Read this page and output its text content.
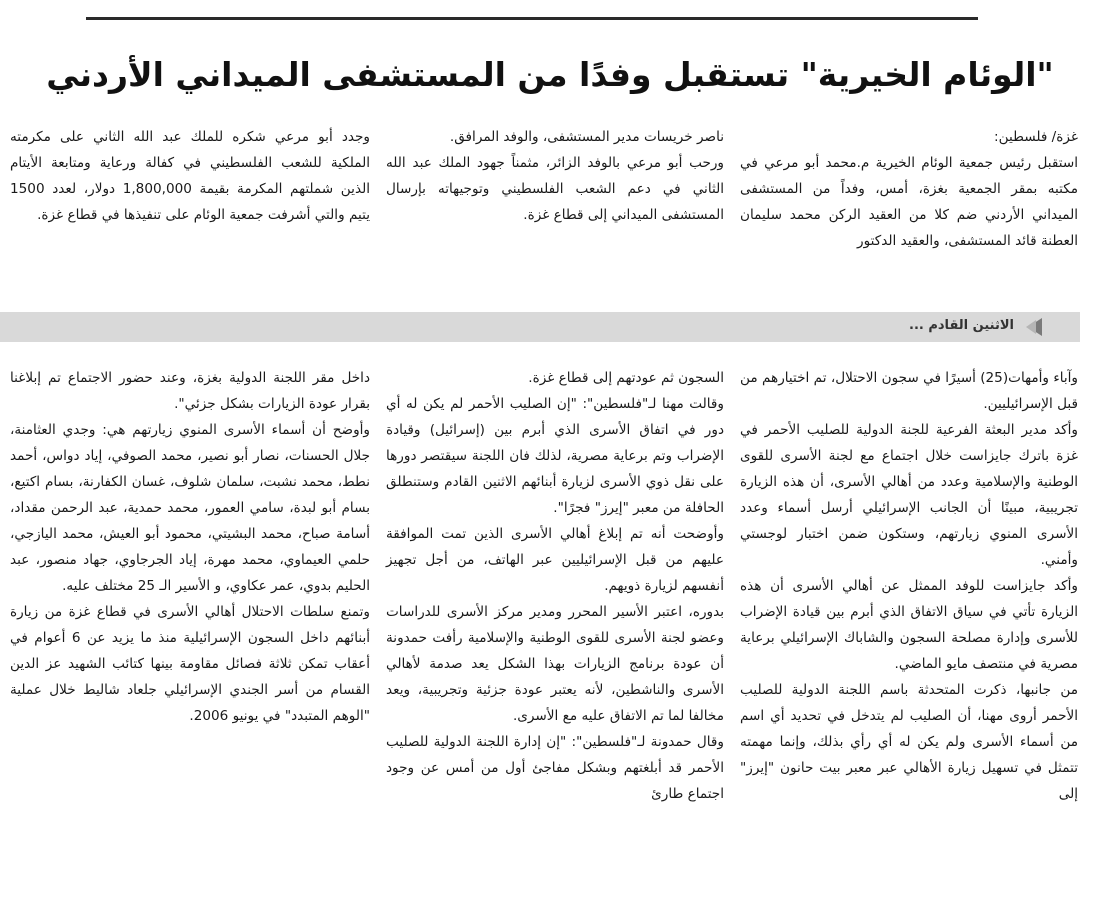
"الوئام الخيرية" تستقبل وفدًا من المستشفى الميداني الأردني

غزة/ فلسطين:

استقبل رئيس جمعية الوئام الخيرية م.محمد أبو مرعي في مكتبه بمقر الجمعية بغزة، أمس، وفداً من المستشفى الميداني الأردني ضم كلا من العقيد الركن محمد سليمان العطنة قائد المستشفى، والعقيد الدكتور

ناصر خريسات مدير المستشفى، والوفد المرافق.

ورحب أبو مرعي بالوفد الزائر، مثمناً جهود الملك عبد الله الثاني في دعم الشعب الفلسطيني وتوجيهاته بإرسال المستشفى الميداني إلى قطاع غزة.

وجدد أبو مرعي شكره للملك عبد الله الثاني على مكرمته الملكية للشعب الفلسطيني في كفالة ورعاية ومتابعة الأيتام الذين شملتهم المكرمة بقيمة 1,800,000 دولار، لعدد 1500 يتيم والتي أشرفت جمعية الوئام على تنفيذها في قطاع غزة.

الاثنين القادم ...

وآباء وأمهات(25) أسيرًا في سجون الاحتلال، تم اختيارهم من قبل الإسرائيليين.

وأكد مدير البعثة الفرعية للجنة الدولية للصليب الأحمر في غزة باترك جايزاست خلال اجتماع مع لجنة الأسرى للقوى الوطنية والإسلامية وعدد من أهالي الأسرى، أن هذه الزيارة تجريبية، مبينًا أن الجانب الإسرائيلي أرسل أسماء وعدد الأسرى المنوي زيارتهم، وستكون ضمن اختبار لوجستي وأمني.

وأكد جايزاست للوفد الممثل عن أهالي الأسرى أن هذه الزيارة تأتي في سياق الاتفاق الذي أبرم بين قيادة الإضراب للأسرى وإدارة مصلحة السجون والشاباك الإسرائيلي برعاية مصرية في منتصف مايو الماضي.

من جانبها، ذكرت المتحدثة باسم اللجنة الدولية للصليب الأحمر أروى مهنا، أن الصليب لم يتدخل في تحديد أي اسم من أسماء الأسرى ولم يكن له أي رأي بذلك، وإنما مهمته تتمثل في تسهيل زيارة الأهالي عبر معبر بيت حانون "إيرز" إلى

السجون ثم عودتهم إلى قطاع غزة.

وقالت مهنا لـ"فلسطين": "إن الصليب الأحمر لم يكن له أي دور في اتفاق الأسرى الذي أبرم بين (إسرائيل) وقيادة الإضراب وتم برعاية مصرية، لذلك فان اللجنة سيقتصر دورها على نقل ذوي الأسرى لزيارة أبنائهم الاثنين القادم وستنطلق الحافلة من معبر "إيرز" فجرًا".

وأوضحت أنه تم إبلاغ أهالي الأسرى الذين تمت الموافقة عليهم من قبل الإسرائيليين عبر الهاتف، من أجل تجهيز أنفسهم لزيارة ذويهم.

بدوره، اعتبر الأسير المحرر ومدير مركز الأسرى للدراسات وعضو لجنة الأسرى للقوى الوطنية والإسلامية رأفت حمدونة أن عودة برنامج الزيارات بهذا الشكل يعد صدمة لأهالي الأسرى والناشطين، لأنه يعتبر عودة جزئية وتجريبية، ويعد مخالفا لما تم الاتفاق عليه مع الأسرى.

وقال حمدونة لـ"فلسطين": "إن إدارة اللجنة الدولية للصليب الأحمر قد أبلغتهم وبشكل مفاجئ أول من أمس عن وجود اجتماع طارئ

داخل مقر اللجنة الدولية بغزة، وعند حضور الاجتماع تم إبلاغنا بقرار عودة الزيارات بشكل جزئي".

وأوضح أن أسماء الأسرى المنوي زيارتهم هي: وجدي العثامنة، جلال الحسنات، نصار أبو نصير، محمد الصوفي، إياد دواس، أحمد نطط، محمد نشبت، سلمان شلوف، غسان الكفارنة، بسام اكتيع، بسام أبو لبدة، سامي العمور، محمد حمدية، عبد الرحمن مقداد، أسامة صباح، محمد البشيتي، محمود أبو العيش، محمد اليازجي، حلمي العيماوي، محمد مهرة، إياد الجرجاوي، جهاد منصور، عبد الحليم بدوي، عمر عكاوي، و الأسير الـ 25 مختلف عليه.

وتمنع سلطات الاحتلال أهالي الأسرى في قطاع غزة من زيارة أبنائهم داخل السجون الإسرائيلية منذ ما يزيد عن 6 أعوام في أعقاب تمكن ثلاثة فصائل مقاومة بينها كتائب الشهيد عز الدين القسام من أسر الجندي الإسرائيلي جلعاد شاليط خلال عملية "الوهم المتبدد" في يونيو 2006.
